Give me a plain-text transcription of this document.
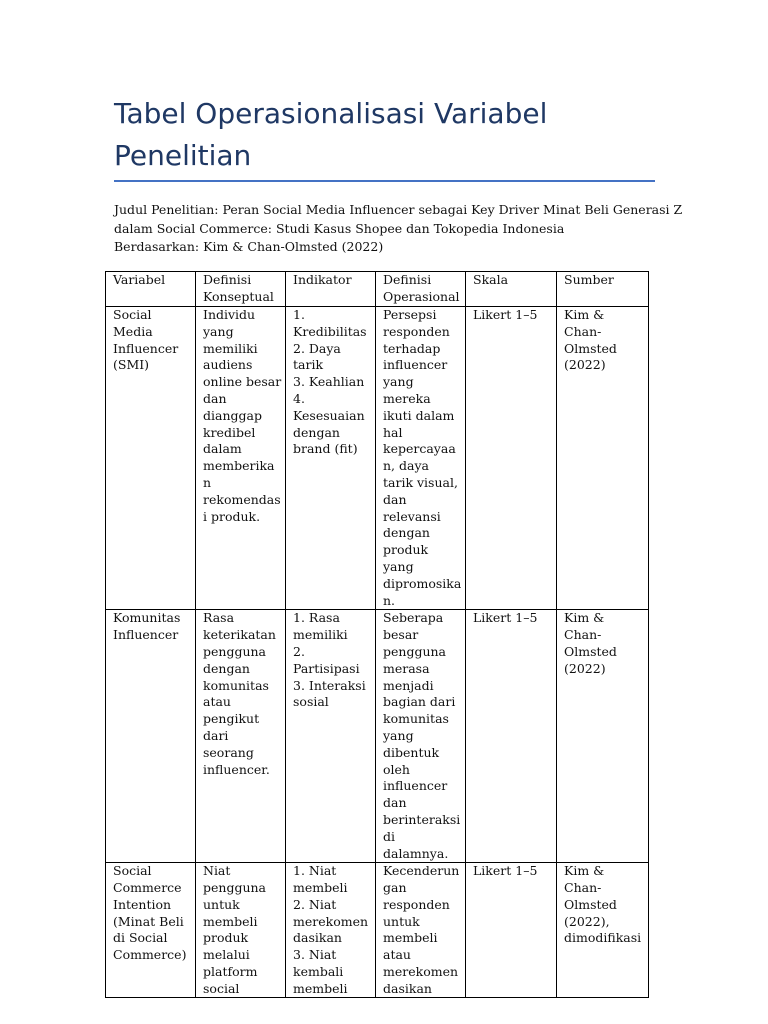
Tabel Operasionalisasi Variabel Penelitian
Judul Penelitian: Peran Social Media Influencer sebagai Key Driver Minat Beli Generasi Z
dalam Social Commerce: Studi Kasus Shopee dan Tokopedia Indonesia
Berdasarkan: Kim & Chan-Olmsted (2022)
Variabel	Definisi Konseptual	Indikator	Definisi Operasional	Skala	Sumber
Social Media Influencer (SMI)	Individu yang memiliki audiens online besar dan dianggap kredibel dalam memberikan rekomendasi produk.	1. Kredibilitas
2. Daya tarik
3. Keahlian
4. Kesesuaian dengan brand (fit)	Persepsi responden terhadap influencer yang mereka ikuti dalam hal kepercayaan, daya tarik visual, dan relevansi dengan produk yang dipromosikan.	Likert 1–5	Kim & Chan-Olmsted (2022)
Komunitas Influencer	Rasa keterikatan pengguna dengan komunitas atau pengikut dari seorang influencer.	1. Rasa memiliki
2. Partisipasi
3. Interaksi sosial	Seberapa besar pengguna merasa menjadi bagian dari komunitas yang dibentuk oleh influencer dan berinteraksi di dalamnya.	Likert 1–5	Kim & Chan-Olmsted (2022)

Social Commerce Intention (Minat Beli di Social Commerce)	Niat pengguna untuk membeli produk melalui platform social	1. Niat membeli
2. Niat merekomendasikan
3. Niat kembali membeli	Kecenderungan responden untuk membeli atau merekomendasikan	Likert 1–5	Kim & Chan-Olmsted (2022), dimodifikasi
